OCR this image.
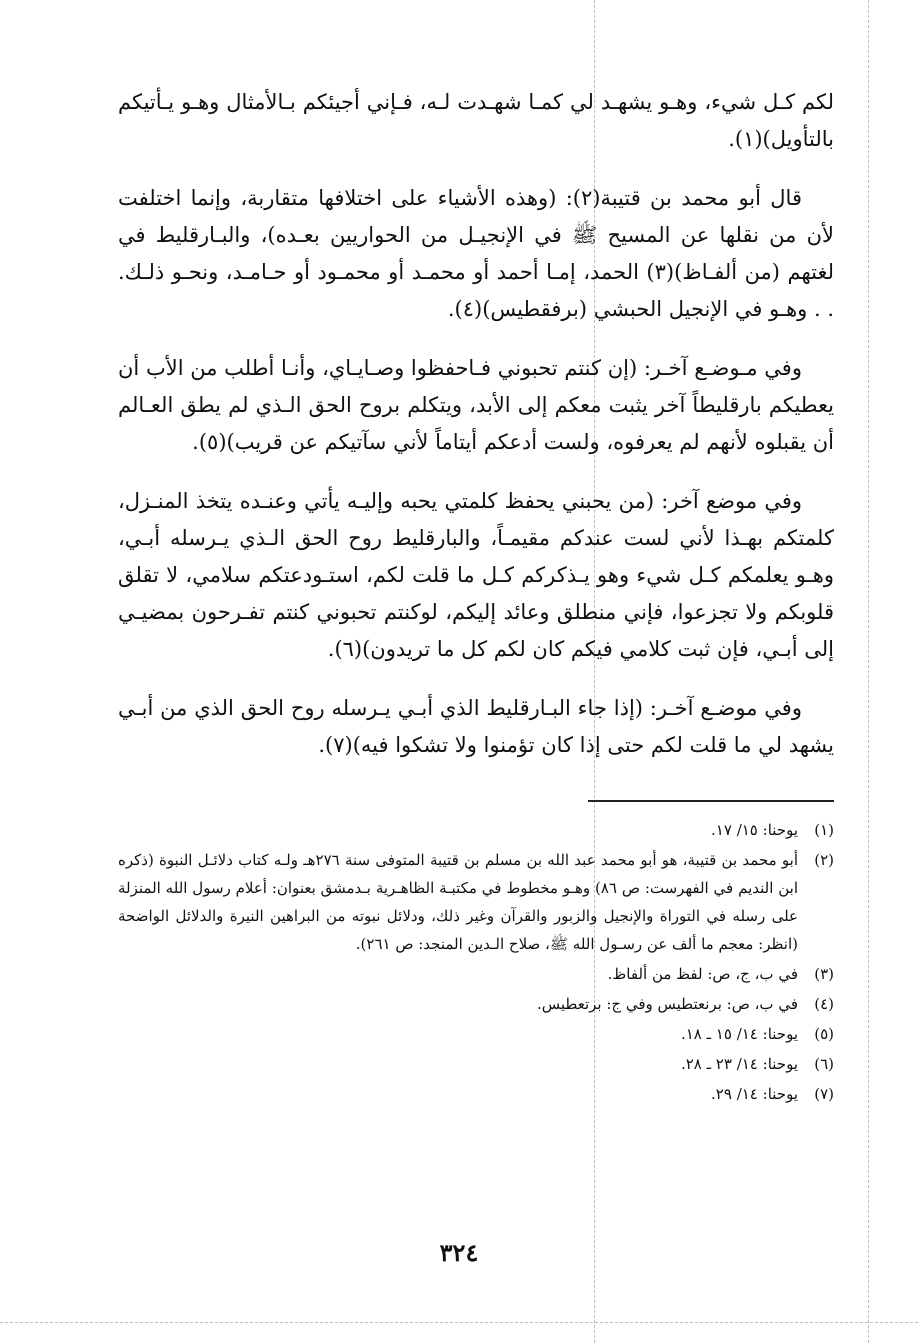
لكم كـل شيء، وهـو يشهـد لي كمـا شهـدت لـه، فـإني أجيئكم بـالأمثال وهـو يـأتيكم بالتأويل)(١).

قال أبو محمد بن قتيبة(٢): (وهذه الأشياء على اختلافها متقاربة، وإنما اختلفت لأن من نقلها عن المسيح ﷺ في الإنجيـل من الحواريين بعـده)، والبـارقليط في لغتهم (من ألفـاظ)(٣) الحمد، إمـا أحمد أو محمـد أو محمـود أو حـامـد، ونحـو ذلـك. . . وهـو في الإنجيل الحبشي (برفقطيس)(٤).

وفي مـوضـع آخـر: (إن كنتم تحبوني فـاحفظوا وصـايـاي، وأنـا أطلب من الأب أن يعطيكم بارقليطاً آخر يثبت معكم إلى الأبد، ويتكلم بروح الحق الـذي لم يطق العـالم أن يقبلوه لأنهم لم يعرفوه، ولست أدعكم أيتاماً لأني سآتيكم عن قريب)(٥).

وفي موضع آخر: (من يحبني يحفظ كلمتي يحبه وإليـه يأتي وعنـده يتخذ المنـزل، كلمتكم بهـذا لأني لست عندكم مقيمـاً، والبارقليط روح الحق الـذي يـرسله أبـي، وهـو يعلمكم كـل شيء وهو يـذكركم كـل ما قلت لكم، استـودعتكم سلامي، لا تقلق قلوبكم ولا تجزعوا، فإني منطلق وعائد إليكم، لوكنتم تحبوني كنتم تفـرحون بمضيـي إلى أبـي، فإن ثبت كلامي فيكم كان لكم كل ما تريدون)(٦).

وفي موضـع آخـر: (إذا جاء البـارقليط الذي أبـي يـرسله روح الحق الذي من أبـي يشهد لي ما قلت لكم حتى إذا كان تؤمنوا ولا تشكوا فيه)(٧).

(١)
يوحنا: ١٥/ ١٧.
(٢)
أبو محمد بن قتيبة، هو أبو محمد عبد الله بن مسلم بن قتيبة المتوفى سنة ٢٧٦هـ ولـه كتاب دلائـل النبوة (ذكره ابن النديم في الفهرست: ص ٨٦) وهـو مخطوط في مكتبـة الظاهـرية بـدمشق بعنوان: أعلام رسول الله المنزلة على رسله في التوراة والإنجيل والزبور والقرآن وغير ذلك، ودلائل نبوته من البراهين النيرة والدلائل الواضحة (انظر: معجم ما ألف عن رسـول الله ﷺ، صلاح الـدين المنجد: ص ٢٦١).
(٣)
في ب، ج، ص: لفظ من ألفاظ.
(٤)
في ب، ص: برنعتطيس وفي ج: برتعطيس.
(٥)
يوحنا: ١٤/ ١٥ ـ ١٨.
(٦)
يوحنا: ١٤/ ٢٣ ـ ٢٨.
(٧)
يوحنا: ١٤/ ٢٩.
٣٢٤
